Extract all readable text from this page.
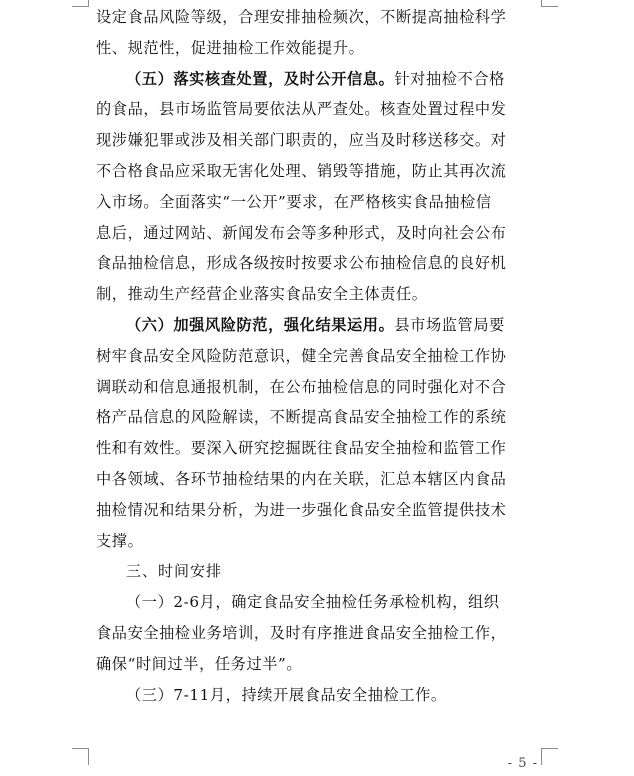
设定食品风险等级，合理安排抽检频次，不断提高抽检科学
性、规范性，促进抽检工作效能提升。
（五）落实核查处置，及时公开信息。针对抽检不合格
的食品，县市场监管局要依法从严查处。核查处置过程中发
现涉嫌犯罪或涉及相关部门职责的，应当及时移送移交。对
不合格食品应采取无害化处理、销毁等措施，防止其再次流
入市场。全面落实“一公开”要求，在严格核实食品抽检信
息后，通过网站、新闻发布会等多种形式，及时向社会公布
食品抽检信息，形成各级按时按要求公布抽检信息的良好机
制，推动生产经营企业落实食品安全主体责任。
（六）加强风险防范，强化结果运用。县市场监管局要
树牢食品安全风险防范意识，健全完善食品安全抽检工作协
调联动和信息通报机制，在公布抽检信息的同时强化对不合
格产品信息的风险解读，不断提高食品安全抽检工作的系统
性和有效性。要深入研究挖掘既往食品安全抽检和监管工作
中各领域、各环节抽检结果的内在关联，汇总本辖区内食品
抽检情况和结果分析，为进一步强化食品安全监管提供技术
支撑。
三、时间安排
（一）2-6月，确定食品安全抽检任务承检机构，组织
食品安全抽检业务培训，及时有序推进食品安全抽检工作，
确保“时间过半，任务过半”。
（三）7-11月，持续开展食品安全抽检工作。
- 5 -
